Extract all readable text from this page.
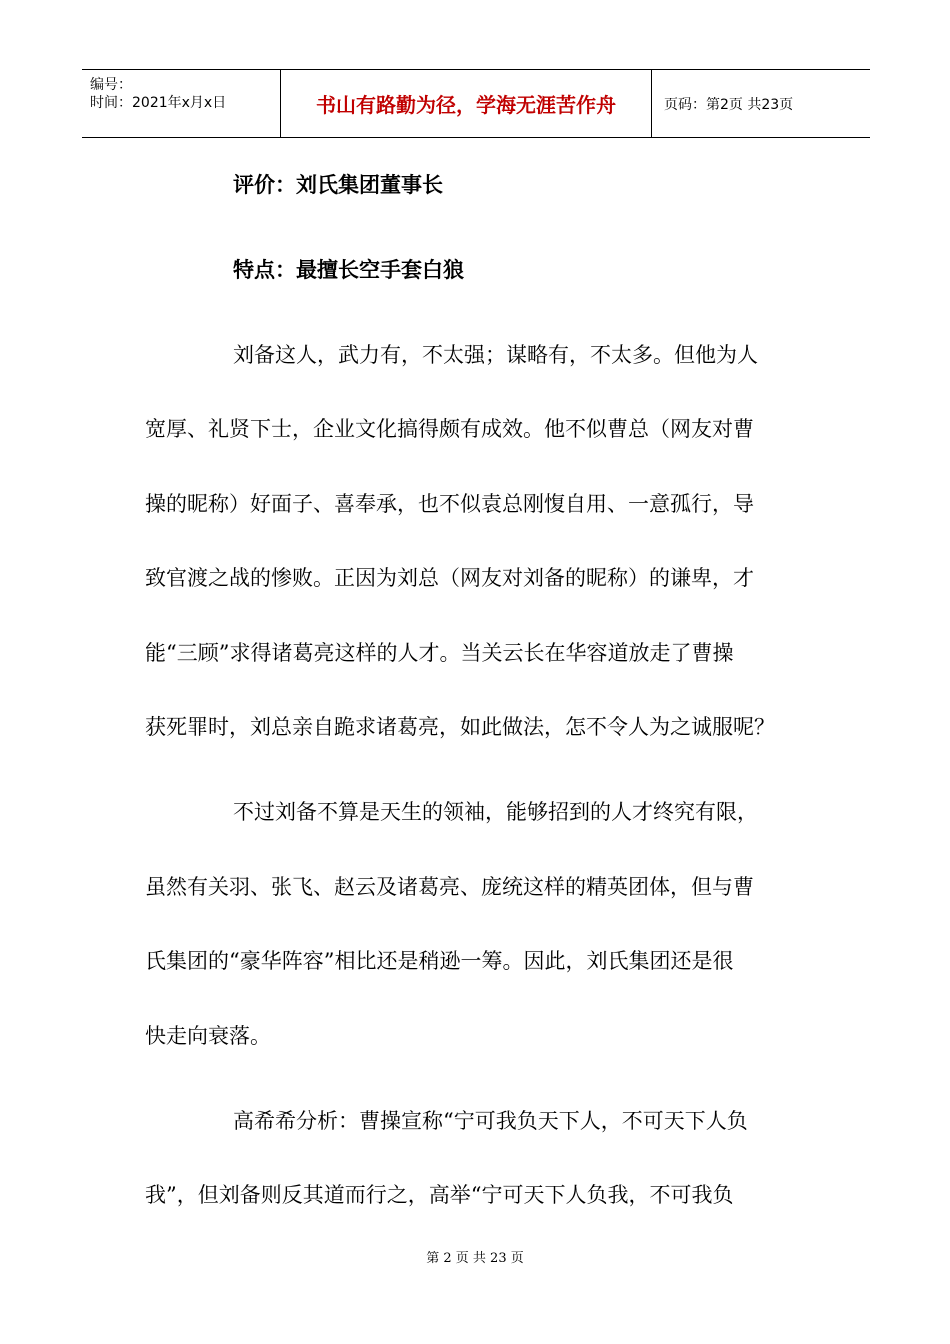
编号：
时间：2021年x月x日	书山有路勤为径，学海无涯苦作舟	页码：第2页 共23页
评价：刘氏集团董事长
特点：最擅长空手套白狼
刘备这人，武力有，不太强；谋略有，不太多。但他为人
宽厚、礼贤下士，企业文化搞得颇有成效。他不似曹总（网友对曹
操的昵称）好面子、喜奉承，也不似袁总刚愎自用、一意孤行，导
致官渡之战的惨败。正因为刘总（网友对刘备的昵称）的谦卑，才
能“三顾”求得诸葛亮这样的人才。当关云长在华容道放走了曹操
获死罪时，刘总亲自跪求诸葛亮，如此做法，怎不令人为之诚服呢？
不过刘备不算是天生的领袖，能够招到的人才终究有限，
虽然有关羽、张飞、赵云及诸葛亮、庞统这样的精英团体，但与曹
氏集团的“豪华阵容”相比还是稍逊一筹。因此，刘氏集团还是很
快走向衰落。
高希希分析：曹操宣称“宁可我负天下人，不可天下人负
我”，但刘备则反其道而行之，高举“宁可天下人负我，不可我负
第 2 页 共 23 页
